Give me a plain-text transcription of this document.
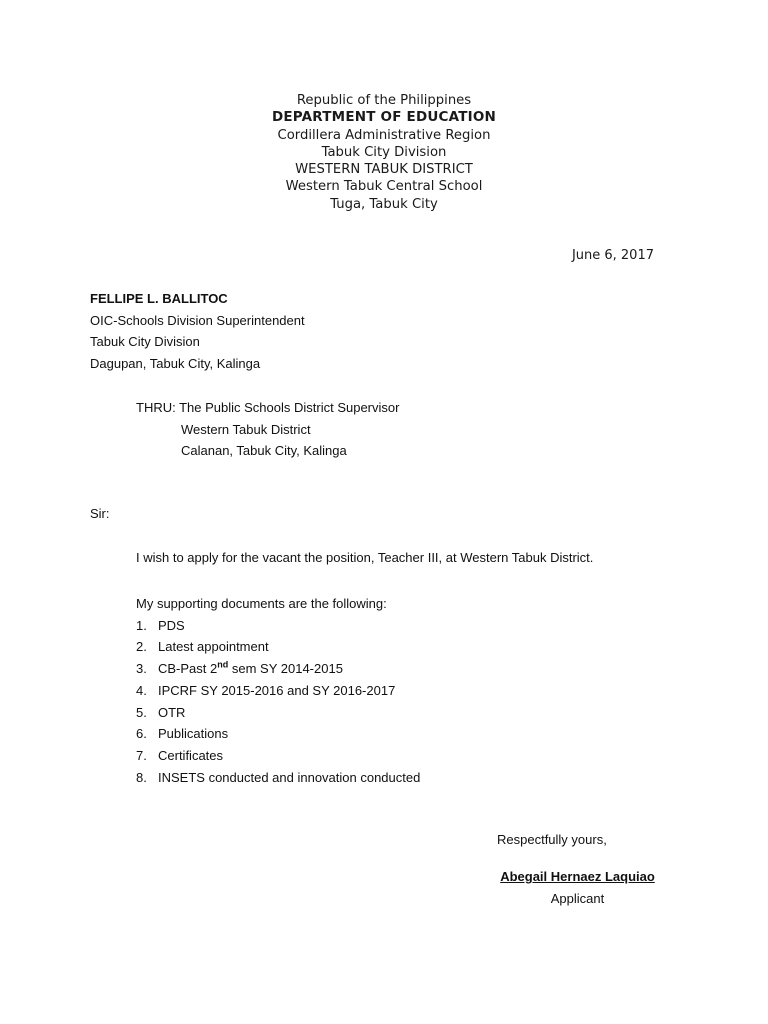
Republic of the Philippines
DEPARTMENT OF EDUCATION
Cordillera Administrative Region
Tabuk City Division
WESTERN TABUK DISTRICT
Western Tabuk Central School
Tuga, Tabuk City
June 6, 2017
FELLIPE L. BALLITOC
OIC-Schools Division Superintendent
Tabuk City Division
Dagupan, Tabuk City, Kalinga
THRU: The Public Schools District Supervisor
Western Tabuk District
Calanan, Tabuk City, Kalinga
Sir:
I wish to apply for the vacant the position, Teacher III, at Western Tabuk District.
My supporting documents are the following:
1. PDS
2. Latest appointment
3. CB-Past 2nd sem SY 2014-2015
4. IPCRF SY 2015-2016 and SY 2016-2017
5. OTR
6. Publications
7. Certificates
8. INSETS conducted and innovation conducted
Respectfully yours,
Abegail Hernaez Laquiao
Applicant
